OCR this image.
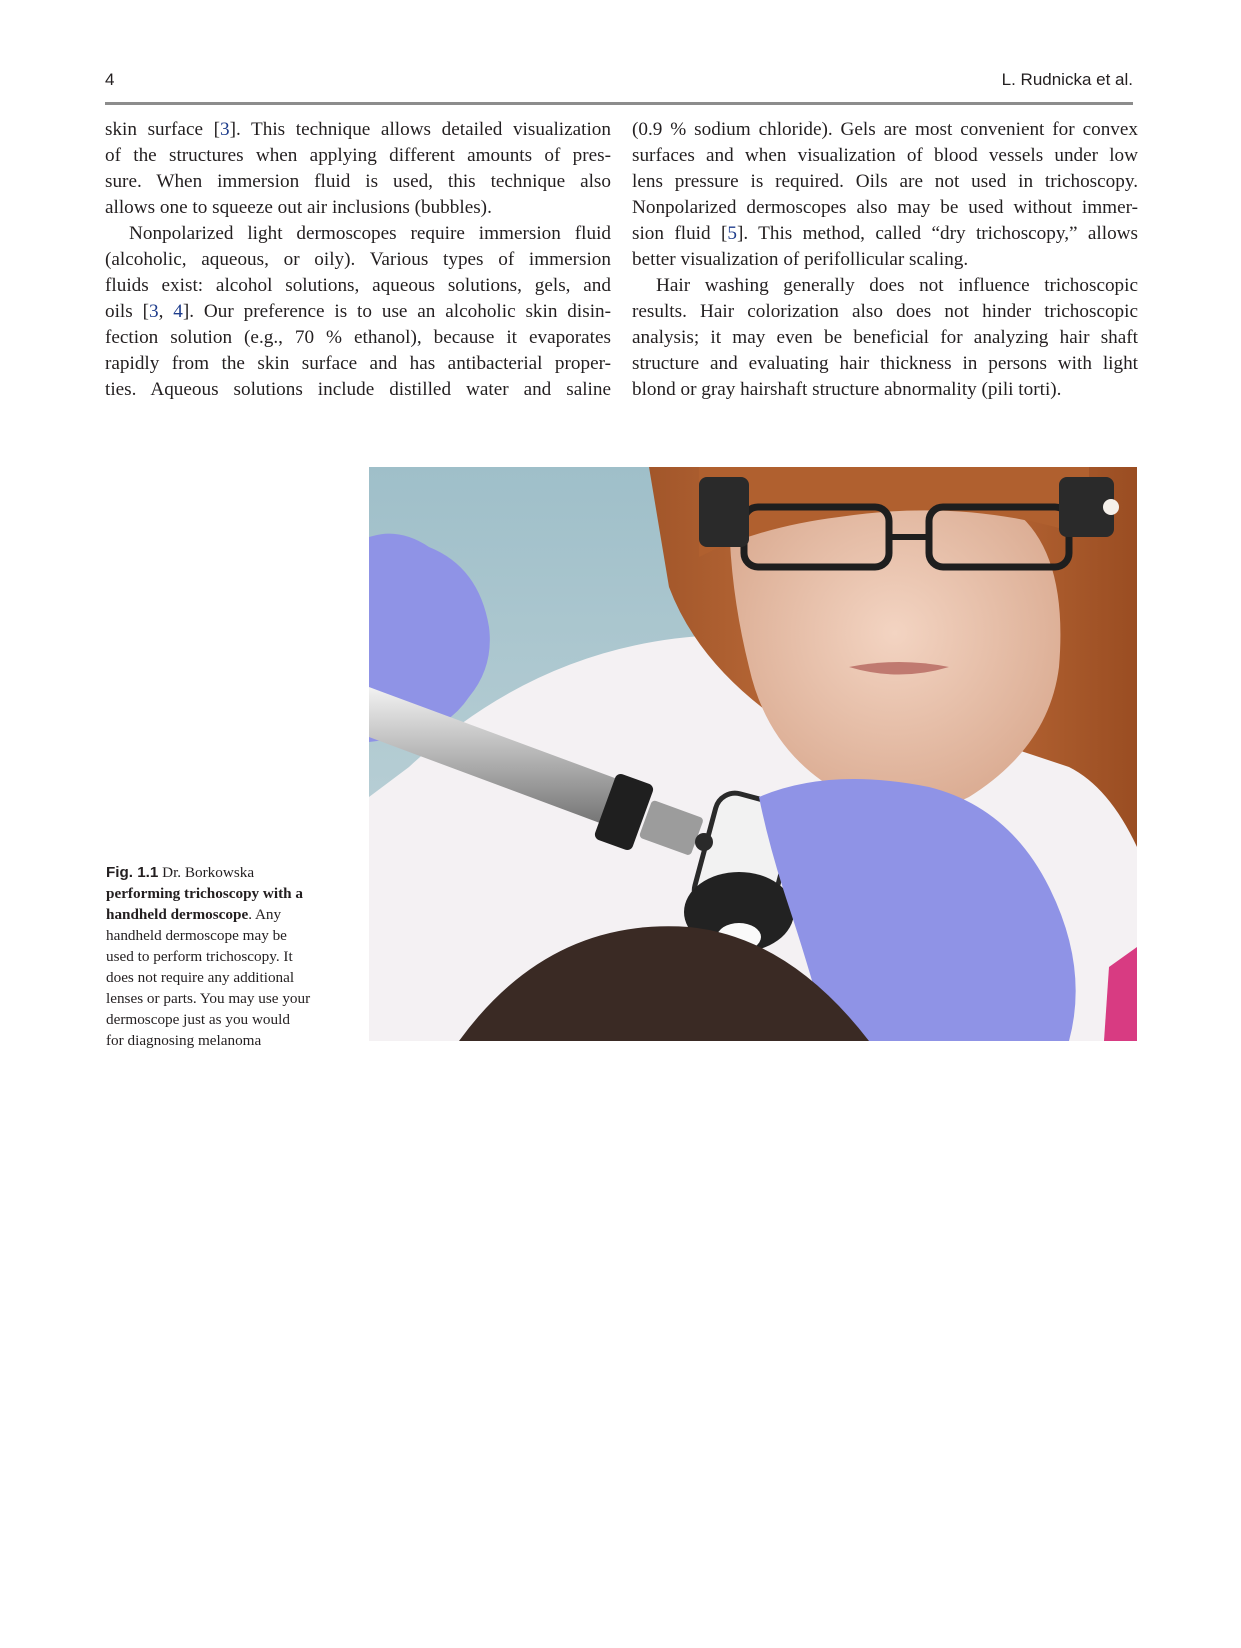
4	L. Rudnicka et al.

skin surface [3]. This technique allows detailed visualization
of the structures when applying different amounts of pres-
sure. When immersion fluid is used, this technique also
allows one to squeeze out air inclusions (bubbles).

Nonpolarized light dermoscopes require immersion fluid
(alcoholic, aqueous, or oily). Various types of immersion
fluids exist: alcohol solutions, aqueous solutions, gels, and
oils [3, 4]. Our preference is to use an alcoholic skin disin-
fection solution (e.g., 70 % ethanol), because it evaporates
rapidly from the skin surface and has antibacterial proper-
ties. Aqueous solutions include distilled water and saline

(0.9 % sodium chloride). Gels are most convenient for convex
surfaces and when visualization of blood vessels under low
lens pressure is required. Oils are not used in trichoscopy.
Nonpolarized dermoscopes also may be used without immer-
sion fluid [5]. This method, called “dry trichoscopy,” allows
better visualization of perifollicular scaling.

Hair washing generally does not influence trichoscopic
results. Hair colorization also does not hinder trichoscopic
analysis; it may even be beneficial for analyzing hair shaft
structure and evaluating hair thickness in persons with light
blond or gray hairshaft structure abnormality (pili torti).

Fig. 1.1 Dr. Borkowska
performing trichoscopy with a
handheld dermoscope. Any
handheld dermoscope may be
used to perform trichoscopy. It
does not require any additional
lenses or parts. You may use your
dermoscope just as you would
for diagnosing melanoma
